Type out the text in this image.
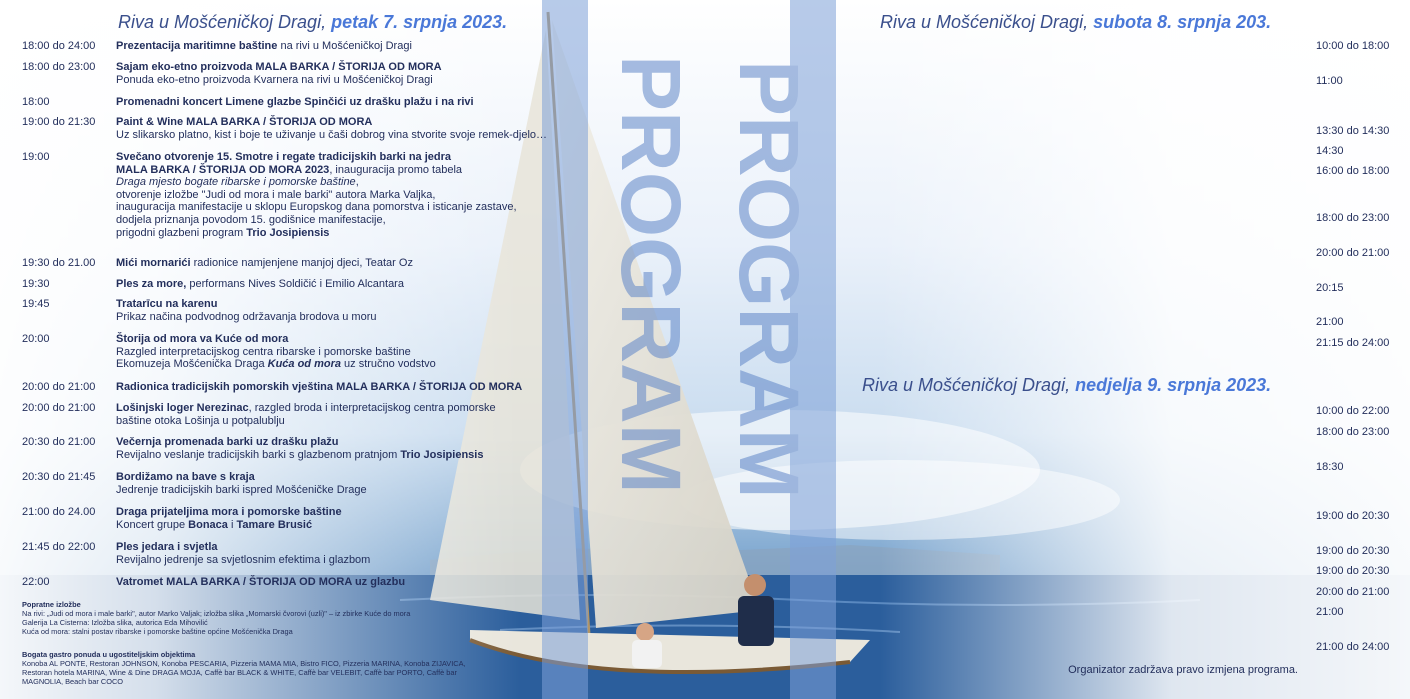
PROGRAM PROGRAM
Riva u Mošćeničkoj Dragi, petak 7. srpnja 2023.
18:00 do 24:00 Prezentacija maritimne baštine na rivi u Mošćeničkoj Dragi
18:00 do 23:00 Sajam eko-etno proizvoda MALA BARKA / ŠTORIJA OD MORA
Ponuda eko-etno proizvoda Kvarnera na rivi u Mošćeničkoj Dragi
18:00	Promenadni koncert Limene glazbe Spinčići uz drašku plažu i na rivi
19:00 do 21:30 Paint & Wine MALA BARKA / ŠTORIJA OD MORA
Uz slikarsko platno, kist i boje te uživanje u čaši dobrog vina stvorite svoje remek-djelo…
19:00	Svečano otvorenje 15. Smotre i regate tradicijskih barki na jedra
MALA BARKA / ŠTORIJA OD MORA 2023, inauguracija promo tabela
Draga mjesto bogate ribarske i pomorske baštine,
otvorenje izložbe "Judi od mora i male barki" autora Marka Valjka,
inauguracija manifestacije u sklopu Europskog dana pomorstva i isticanje zastave,
dodjela priznanja povodom 15. godišnice manifestacije,
prigodni glazbeni program Trio Josipiensis
19:30 do 21.00 Mići mornarići radionice namjenjene manjoj djeci, Teatar Oz
19:30	Ples za more, performans Nives Soldičić i Emilio Alcantara
19:45	Tratarīcu na karenu
Prikaz načina podvodnog održavanja brodova u moru
20:00	Štorija od mora va Kuće od mora
Razgled interpretacijskog centra ribarske i pomorske baštine
Ekomuzeja Mošćenička Draga Kuća od mora uz stručno vodstvo
20:00 do 21:00 Radionica tradicijskih pomorskih vještina MALA BARKA / ŠTORIJA OD MORA
20:00 do 21:00 Lošinjski loger Nerezinac, razgled broda i interpretacijskog centra pomorske
baštine otoka Lošinja u potpalublju
20:30 do 21:00 Večernja promenada barki uz drašku plažu
Revijalno veslanje tradicijskih barki s glazbenom pratnjom Trio Josipiensis
20:30 do 21:45 Bordižamo na bave s kraja
Jedrenje tradicijskih barki ispred Mošćeničke Drage
21:00 do 24.00 Draga prijateljima mora i pomorske baštine
Koncert grupe Bonaca i Tamare Brusić
21:45 do 22:00 Ples jedara i svjetla
Revijalno jedrenje sa svjetlosnim efektima i glazbom
22:00	Vatromet MALA BARKA / ŠTORIJA OD MORA uz glazbu
Popratne izložbe
Na rivi: „Judi od mora i male barki", autor Marko Valjak; izložba slika „Mornarski čvorovi (uzli)" – iz zbirke Kuće do mora
Galerija La Cisterna: Izložba slika, autorica Eda Mihovilić
Kuća od mora: stalni postav ribarske i pomorske baštine općine Mošćenička Draga
Bogata gastro ponuda u ugostiteljskim objektima
Konoba AL PONTE, Restoran JOHNSON, Konoba PESCARIA, Pizzeria MAMA MIA, Bistro FICO, Pizzeria MARINA, Konoba ZIJAVICA,
Restoran hotela MARINA, Wine & Dine DRAGA MOJA, Caffè bar BLACK & WHITE, Caffè bar VELEBIT, Caffè bar PORTO, Caffè bar
MAGNOLIA, Beach bar COCO
Riva u Mošćeničkoj Dragi, subota 8. srpnja 203.
10:00 do 18:00
11:00
13:30 do 14:30
14:30
16:00 do 18:00
18:00 do 23:00
20:00 do 21:00
20:15
21:00
21:15 do 24:00
Riva u Mošćeničkoj Dragi, nedjelja 9. srpnja 2023.
10:00 do 22:00
18:00 do 23:00
18:30
19:00 do 20:30
19:00 do 20:30
19:00 do 20:30
20:00 do 21:00
21:00
21:00 do 24:00
Organizator zadržava pravo izmjena programa.
